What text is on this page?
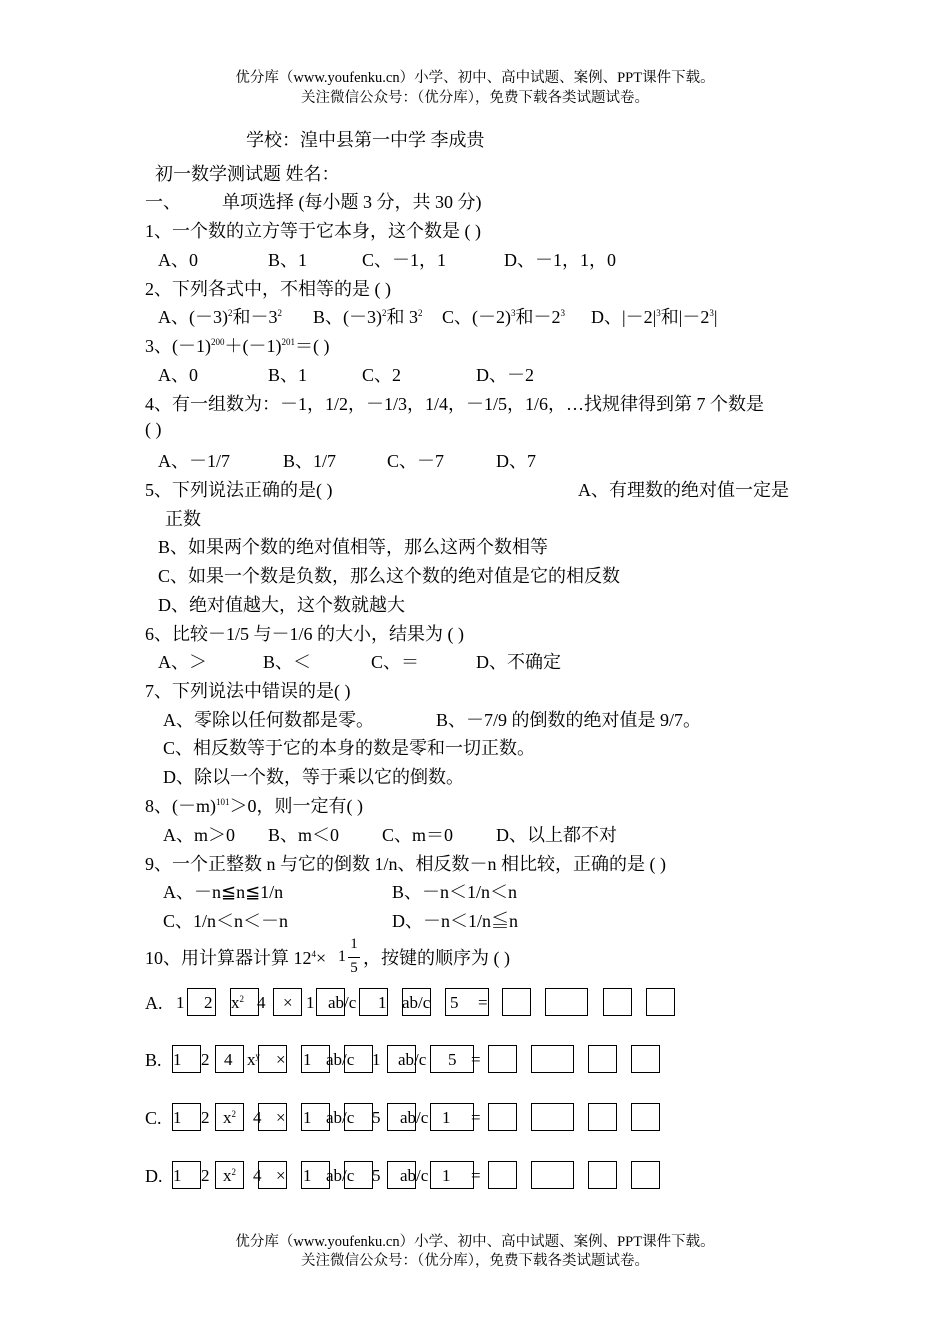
优分库（www.youfenku.cn）小学、初中、高中试题、案例、PPT课件下载。
关注微信公众号：（优分库），免费下载各类试题试卷。
学校：湟中县第一中学 李成贵
初一数学测试题 姓名：
一、 单项选择 (每小题 3 分，共 30 分)
1、一个数的立方等于它本身，这个数是 ( )
A、0	B、1	C、－1，1	D、－1，1，0
2、下列各式中，不相等的是 ( )
A、$(-3)^2$和$-3^2$ B、$(-3)^2$和 $3^2$ C、$(-2)^3$和$-2^3$ D、$|-2|^3$和$|-2^3|$
3、$(-1)^{200}+(-1)^{201}=$( )
A、0	B、1	C、2	D、－2
4、有一组数为：－1，1/2，－1/3，1/4，－1/5，1/6，…找规律得到第 7 个数是
( )
A、－1/7	B、1/7	C、－7	D、7
5、下列说法正确的是( )	A、有理数的绝对值一定是
正数
B、如果两个数的绝对值相等，那么这两个数相等
C、如果一个数是负数，那么这个数的绝对值是它的相反数
D、绝对值越大，这个数就越大
6、比较－1/5 与－1/6 的大小，结果为 ( )
A、＞	B、＜	C、＝	D、不确定
7、下列说法中错误的是( )
A、零除以任何数都是零。	B、－7/9 的倒数的绝对值是 9/7。
C、相反数等于它的本身的数是零和一切正数。
D、除以一个数，等于乘以它的倒数。
8、$(-m)^{101}>0$，则一定有( )
A、m＞0 B、m＜0 C、m＝0 D、以上都不对
9、一个正整数 n 与它的倒数 1/n、相反数－n 相比较，正确的是 ( )
A、－n≦n≦1/n	B、－n＜1/n＜n
C、1/n＜n＜－n	D、－n＜1/n≦n
10、用计算器计算 $12^4\times 1$
1
5 ，按键的顺序为 ( )
A. 1 2 $x^2$ 4 × 1 ab/c 1 ab/c 5 =
B. 1 2 4 $x^y \times 1$ ab/c 1 ab/c 5 =
C. 1 2 $x^2$ 4 × 1 ab/c 5 ab/c 1 =
D. 1 2 $x^2$ 4 × 1 ab/c 5 ab/c 1 =
优分库（www.youfenku.cn）小学、初中、高中试题、案例、PPT课件下载。
关注微信公众号：（优分库），免费下载各类试题试卷。
